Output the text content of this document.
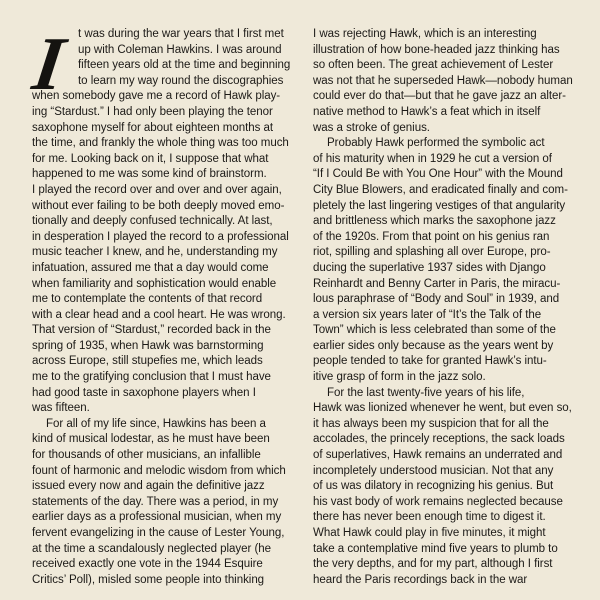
I t was during the war years that I first met
up with Coleman Hawkins. I was around
fifteen years old at the time and beginning
to learn my way round the discographies
when somebody gave me a record of Hawk play-
ing “Stardust.” I had only been playing the tenor
saxophone myself for about eighteen months at
the time, and frankly the whole thing was too much
for me. Looking back on it, I suppose that what
happened to me was some kind of brainstorm.
I played the record over and over and over again,
without ever failing to be both deeply moved emo-
tionally and deeply confused technically. At last,
in desperation I played the record to a professional
music teacher I knew, and he, understanding my
infatuation, assured me that a day would come
when familiarity and sophistication would enable
me to contemplate the contents of that record
with a clear head and a cool heart. He was wrong.
That version of “Stardust,” recorded back in the
spring of 1935, when Hawk was barnstorming
across Europe, still stupefies me, which leads
me to the gratifying conclusion that I must have
had good taste in saxophone players when I
was fifteen.
For all of my life since, Hawkins has been a
kind of musical lodestar, as he must have been
for thousands of other musicians, an infallible
fount of harmonic and melodic wisdom from which
issued every now and again the definitive jazz
statements of the day. There was a period, in my
earlier days as a professional musician, when my
fervent evangelizing in the cause of Lester Young,
at the time a scandalously neglected player (he
received exactly one vote in the 1944 Esquire
Critics’ Poll), misled some people into thinking
I was rejecting Hawk, which is an interesting
illustration of how bone-headed jazz thinking has
so often been. The great achievement of Lester
was not that he superseded Hawk—nobody human
could ever do that—but that he gave jazz an alter-
native method to Hawk’s a feat which in itself
was a stroke of genius.
Probably Hawk performed the symbolic act
of his maturity when in 1929 he cut a version of
“If I Could Be with You One Hour” with the Mound
City Blue Blowers, and eradicated finally and com-
pletely the last lingering vestiges of that angularity
and brittleness which marks the saxophone jazz
of the 1920s. From that point on his genius ran
riot, spilling and splashing all over Europe, pro-
ducing the superlative 1937 sides with Django
Reinhardt and Benny Carter in Paris, the miracu-
lous paraphrase of “Body and Soul” in 1939, and
a version six years later of “It’s the Talk of the
Town” which is less celebrated than some of the
earlier sides only because as the years went by
people tended to take for granted Hawk’s intu-
itive grasp of form in the jazz solo.
For the last twenty-five years of his life,
Hawk was lionized whenever he went, but even so,
it has always been my suspicion that for all the
accolades, the princely receptions, the sack loads
of superlatives, Hawk remains an underrated and
incompletely understood musician. Not that any
of us was dilatory in recognizing his genius. But
his vast body of work remains neglected because
there has never been enough time to digest it.
What Hawk could play in five minutes, it might
take a contemplative mind five years to plumb to
the very depths, and for my part, although I first
heard the Paris recordings back in the war
